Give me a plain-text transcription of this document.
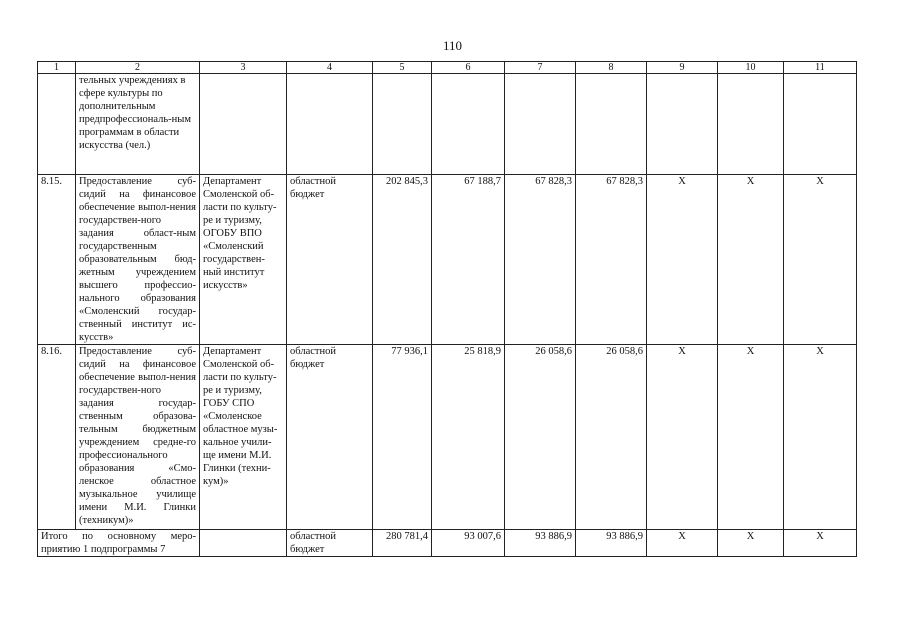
110
1	2	3	4	5	6	7	8	9	10	11
	тельных учреждениях в сфере культуры по дополнительным предпрофессиональ-ным программам в области искусства (чел.)									
8.15.	Предоставление суб-сидий на финансовое обеспечение выпол-нения государствен-ного задания област-ным государственным образовательным бюд-жетным учреждением высшего профессио-нального образования «Смоленский государ-ственный институт ис-кусств»	Департамент Смоленской об-ласти по культу-ре и туризму, ОГОБУ ВПО «Смоленский государствен-ный институт искусств»	областной бюджет	202 845,3	67 188,7	67 828,3	67 828,3	Х	Х	Х
8.16.	Предоставление суб-сидий на финансовое обеспечение выпол-нения государствен-ного задания государ-ственным образова-тельным бюджетным учреждением средне-го профессионального образования «Смо-ленское областное музыкальное училище имени М.И. Глинки (техникум)»	Департамент Смоленской об-ласти по культу-ре и туризму, ГОБУ СПО «Смоленское областное музы-кальное учили-ще имени М.И. Глинки (техни-кум)»	областной бюджет	77 936,1	25 818,9	26 058,6	26 058,6	Х	Х	Х
Итого по основному меро-приятию 1 подпрограммы 7			областной бюджет	280 781,4	93 007,6	93 886,9	93 886,9	Х	Х	Х
